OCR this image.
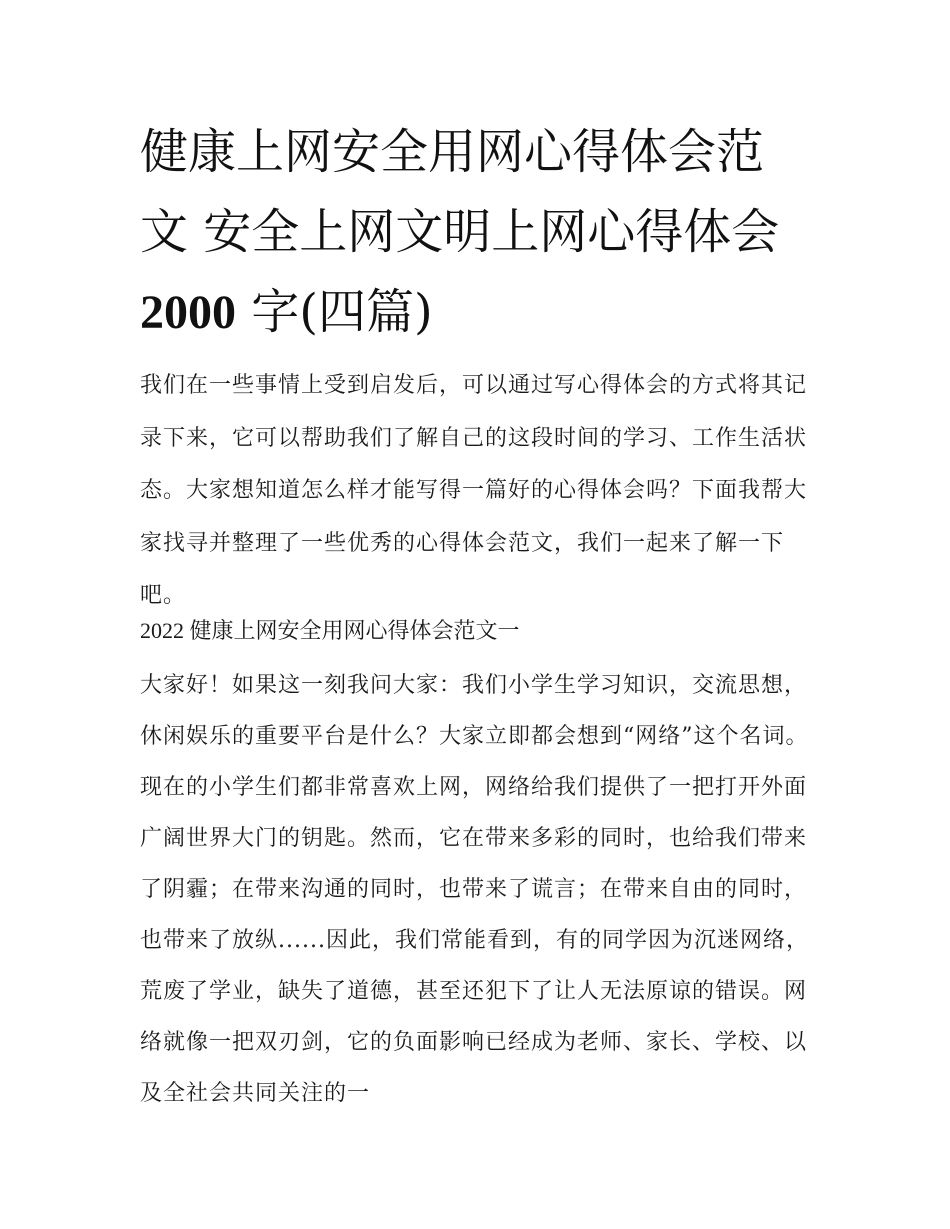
健康上网安全用网心得体会范
文 安全上网文明上网心得体会
2000 字(四篇)

我们在一些事情上受到启发后，可以通过写心得体会的方式将其记录下来，它可以帮助我们了解自己的这段时间的学习、工作生活状态。大家想知道怎么样才能写得一篇好的心得体会吗？下面我帮大家找寻并整理了一些优秀的心得体会范文，我们一起来了解一下吧。

2022 健康上网安全用网心得体会范文一

大家好！如果这一刻我问大家：我们小学生学习知识，交流思想，休闲娱乐的重要平台是什么？大家立即都会想到“网络”这个名词。现在的小学生们都非常喜欢上网，网络给我们提供了一把打开外面广阔世界大门的钥匙。然而，它在带来多彩的同时，也给我们带来了阴霾；在带来沟通的同时，也带来了谎言；在带来自由的同时，也带来了放纵......因此，我们常能看到，有的同学因为沉迷网络，荒废了学业，缺失了道德，甚至还犯下了让人无法原谅的错误。网络就像一把双刃剑，它的负面影响已经成为老师、家长、学校、以及全社会共同关注的一
